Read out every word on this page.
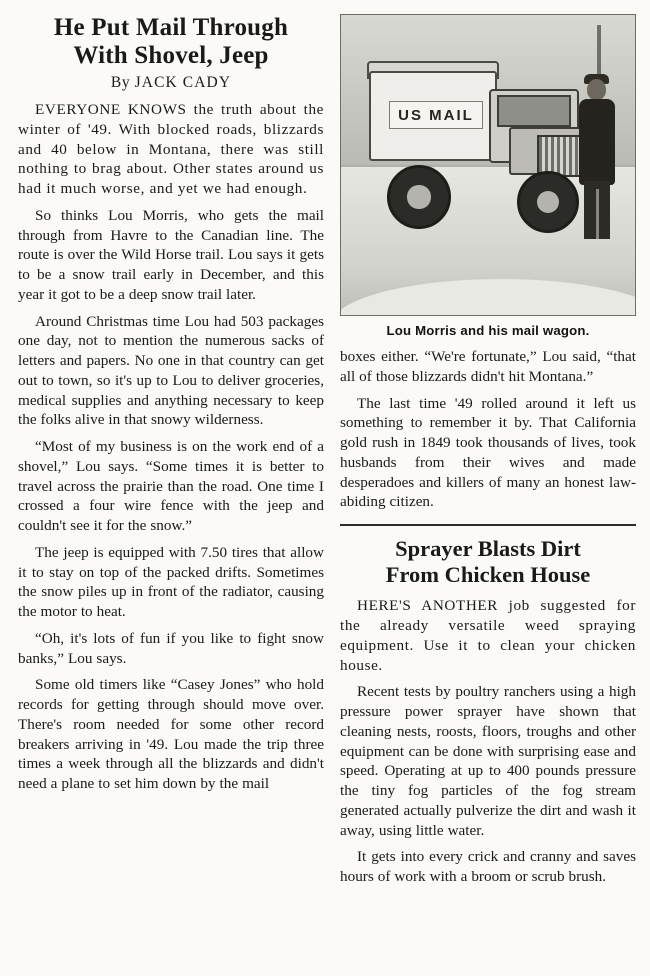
He Put Mail Through
With Shovel, Jeep
By JACK CADY

EVERYONE KNOWS the truth about the winter of '49. With blocked roads, blizzards and 40 below in Montana, there was still nothing to brag about. Other states around us had it much worse, and yet we had enough.

So thinks Lou Morris, who gets the mail through from Havre to the Canadian line. The route is over the Wild Horse trail. Lou says it gets to be a snow trail early in December, and this year it got to be a deep snow trail later.

Around Christmas time Lou had 503 packages one day, not to mention the numerous sacks of letters and papers. No one in that country can get out to town, so it's up to Lou to deliver groceries, medical supplies and anything necessary to keep the folks alive in that snowy wilderness.

“Most of my business is on the work end of a shovel,” Lou says. “Some times it is better to travel across the prairie than the road. One time I crossed a four wire fence with the jeep and couldn't see it for the snow.”

The jeep is equipped with 7.50 tires that allow it to stay on top of the packed drifts. Sometimes the snow piles up in front of the radiator, causing the motor to heat.

“Oh, it's lots of fun if you like to fight snow banks,” Lou says.

Some old timers like “Casey Jones” who hold records for getting through should move over. There's room needed for some other record breakers arriving in '49. Lou made the trip three times a week through all the blizzards and didn't need a plane to set him down by the mail

US MAIL
Lou Morris and his mail wagon.

boxes either. “We're fortunate,” Lou said, “that all of those blizzards didn't hit Montana.”

The last time '49 rolled around it left us something to remember it by. That California gold rush in 1849 took thousands of lives, took husbands from their wives and made desperadoes and killers of many an honest law-abiding citizen.

Sprayer Blasts Dirt
From Chicken House

HERE'S ANOTHER job suggested for the already versatile weed spraying equipment. Use it to clean your chicken house.

Recent tests by poultry ranchers using a high pressure power sprayer have shown that cleaning nests, roosts, floors, troughs and other equipment can be done with surprising ease and speed. Operating at up to 400 pounds pressure the tiny fog particles of the fog stream generated actually pulverize the dirt and wash it away, using little water.

It gets into every crick and cranny and saves hours of work with a broom or scrub brush.
